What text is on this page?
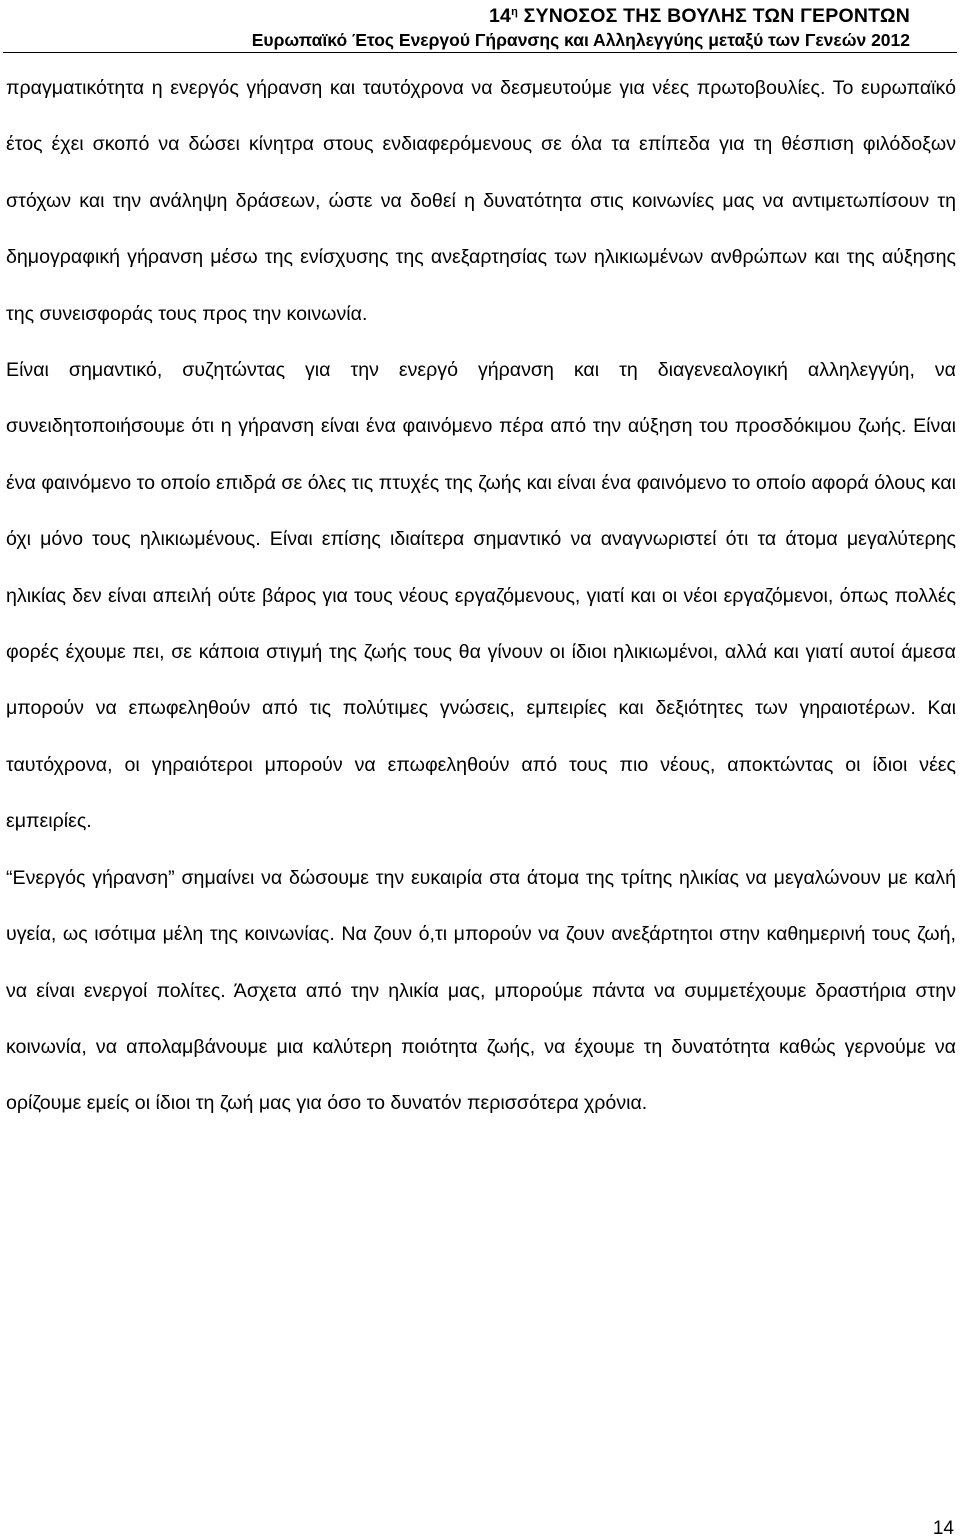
$14^\eta$ ΣΥΝΟΣΟΣ ΤΗΣ ΒΟΥΛΗΣ ΤΩΝ ΓΕΡΟΝΤΩΝ
Ευρωπαϊκό Έτος Ενεργού Γήρανσης και Αλληλεγγύης μεταξύ των Γενεών 2012

πραγματικότητα η ενεργός γήρανση και ταυτόχρονα να δεσμευτούμε για νέες πρωτοβουλίες. Το ευρωπαϊκό έτος έχει σκοπό να δώσει κίνητρα στους ενδιαφερόμενους σε όλα τα επίπεδα για τη θέσπιση φιλόδοξων στόχων και την ανάληψη δράσεων, ώστε να δοθεί η δυνατότητα στις κοινωνίες μας να αντιμετωπίσουν τη δημογραφική γήρανση μέσω της ενίσχυσης της ανεξαρτησίας των ηλικιωμένων ανθρώπων και της αύξησης της συνεισφοράς τους προς την κοινωνία.

Είναι σημαντικό, συζητώντας για την ενεργό γήρανση και τη διαγενεαλογική αλληλεγγύη, να συνειδητοποιήσουμε ότι η γήρανση είναι ένα φαινόμενο πέρα από την αύξηση του προσδόκιμου ζωής. Είναι ένα φαινόμενο το οποίο επιδρά σε όλες τις πτυχές της ζωής και είναι ένα φαινόμενο το οποίο αφορά όλους και όχι μόνο τους ηλικιωμένους. Είναι επίσης ιδιαίτερα σημαντικό να αναγνωριστεί ότι τα άτομα μεγαλύτερης ηλικίας δεν είναι απειλή ούτε βάρος για τους νέους εργαζόμενους, γιατί και οι νέοι εργαζόμενοι, όπως πολλές φορές έχουμε πει, σε κάποια στιγμή της ζωής τους θα γίνουν οι ίδιοι ηλικιωμένοι, αλλά και γιατί αυτοί άμεσα μπορούν να επωφεληθούν από τις πολύτιμες γνώσεις, εμπειρίες και δεξιότητες των γηραιοτέρων. Και ταυτόχρονα, οι γηραιότεροι μπορούν να επωφεληθούν από τους πιο νέους, αποκτώντας οι ίδιοι νέες εμπειρίες.

“Ενεργός γήρανση” σημαίνει να δώσουμε την ευκαιρία στα άτομα της τρίτης ηλικίας να μεγαλώνουν με καλή υγεία, ως ισότιμα μέλη της κοινωνίας. Να ζουν ό,τι μπορούν να ζουν ανεξάρτητοι στην καθημερινή τους ζωή, να είναι ενεργοί πολίτες. Άσχετα από την ηλικία μας, μπορούμε πάντα να συμμετέχουμε δραστήρια στην κοινωνία, να απολαμβάνουμε μια καλύτερη ποιότητα ζωής, να έχουμε τη δυνατότητα καθώς γερνούμε να ορίζουμε εμείς οι ίδιοι τη ζωή μας για όσο το δυνατόν περισσότερα χρόνια.

14
